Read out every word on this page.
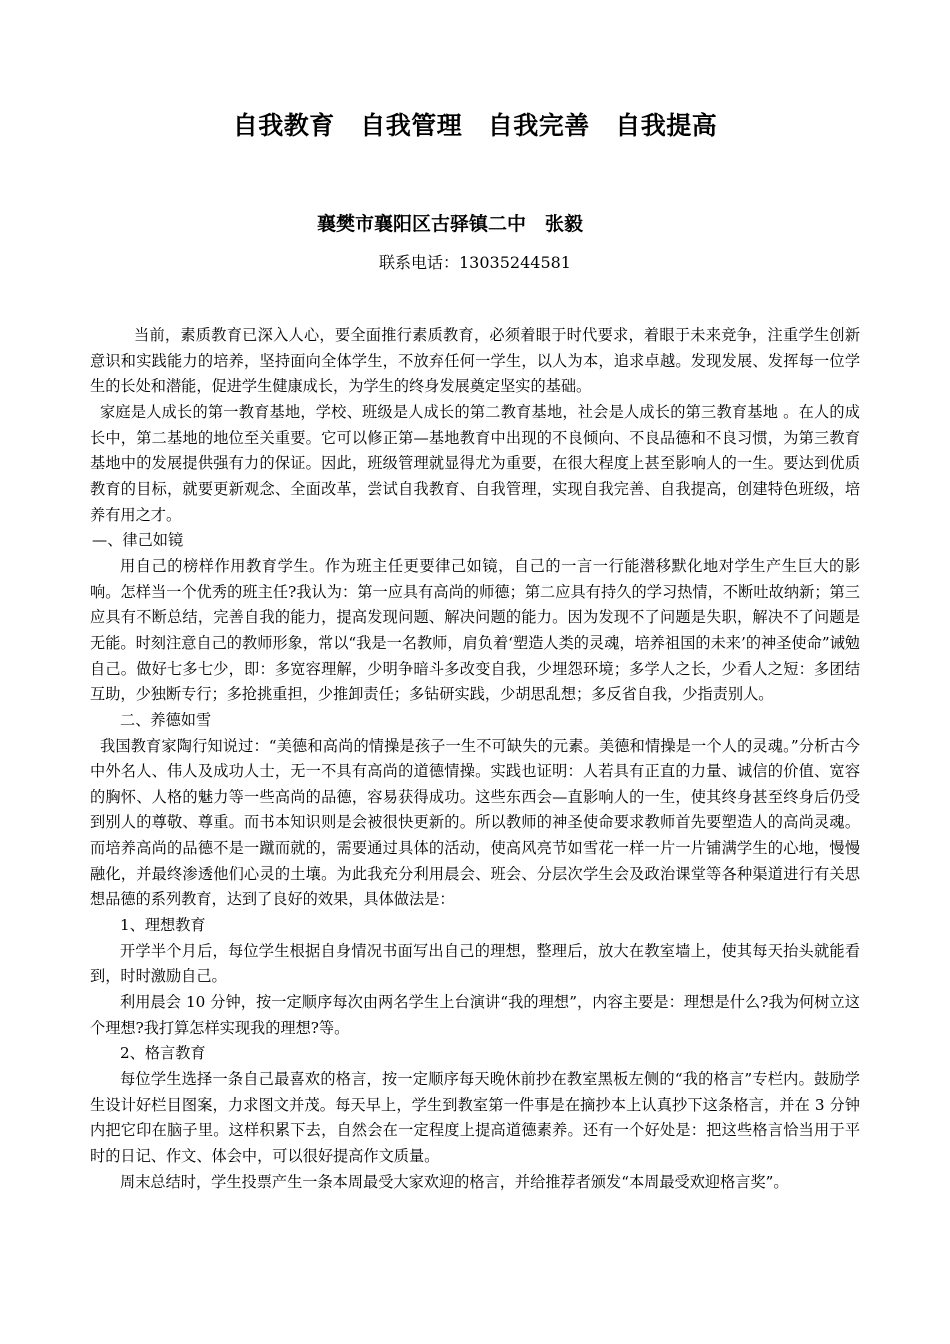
自我教育　自我管理　自我完善　自我提高
襄樊市襄阳区古驿镇二中　张毅
联系电话：13035244581

当前，素质教育已深入人心，要全面推行素质教育，必须着眼于时代要求，着眼于未来竞争，注重学生创新意识和实践能力的培养，坚持面向全体学生，不放弃任何一学生，以人为本，追求卓越。发现发展、发挥每一位学生的长处和潜能，促进学生健康成长，为学生的终身发展奠定坚实的基础。

家庭是人成长的第一教育基地，学校、班级是人成长的第二教育基地，社会是人成长的第三教育基地 。在人的成长中，第二基地的地位至关重要。它可以修正第—基地教育中出现的不良倾向、不良品德和不良习惯，为第三教育基地中的发展提供强有力的保证。因此，班级管理就显得尤为重要，在很大程度上甚至影响人的一生。要达到优质教育的目标，就要更新观念、全面改革，尝试自我教育、自我管理，实现自我完善、自我提高，创建特色班级，培养有用之才。

—、律己如镜

用自己的榜样作用教育学生。作为班主任更要律己如镜，自己的一言一行能潜移默化地对学生产生巨大的影响。怎样当一个优秀的班主任?我认为：第一应具有高尚的师德；第二应具有持久的学习热情，不断吐故纳新；第三应具有不断总结，完善自我的能力，提高发现问题、解决问题的能力。因为发现不了问题是失职，解决不了问题是无能。时刻注意自己的教师形象，常以“我是一名教师，肩负着‘塑造人类的灵魂，培养祖国的未来’的神圣使命”诫勉自己。做好七多七少，即：多宽容理解，少明争暗斗多改变自我，少埋怨环境；多学人之长，少看人之短：多团结互助，少独断专行；多抢挑重担，少推卸责任；多钻研实践，少胡思乱想；多反省自我，少指责别人。

二、养德如雪

我国教育家陶行知说过：“美德和高尚的情操是孩子一生不可缺失的元素。美德和情操是一个人的灵魂。”分析古今中外名人、伟人及成功人士，无一不具有高尚的道德情操。实践也证明：人若具有正直的力量、诚信的价值、宽容的胸怀、人格的魅力等一些高尚的品德，容易获得成功。这些东西会—直影响人的一生，使其终身甚至终身后仍受到别人的尊敬、尊重。而书本知识则是会被很快更新的。所以教师的神圣使命要求教师首先要塑造人的高尚灵魂。而培养高尚的品德不是一蹴而就的，需要通过具体的活动，使高风亮节如雪花一样一片一片铺满学生的心地，慢慢融化，并最终渗透他们心灵的土壤。为此我充分利用晨会、班会、分层次学生会及政治课堂等各种渠道进行有关思想品德的系列教育，达到了良好的效果，具体做法是：

1、理想教育

开学半个月后，每位学生根据自身情况书面写出自己的理想，整理后，放大在教室墙上，使其每天抬头就能看到，时时激励自己。

利用晨会 10 分钟，按一定顺序每次由两名学生上台演讲“我的理想”，内容主要是：理想是什么?我为何树立这个理想?我打算怎样实现我的理想?等。

2、格言教育

每位学生选择一条自己最喜欢的格言，按一定顺序每天晚休前抄在教室黑板左侧的“我的格言”专栏内。鼓励学生设计好栏目图案，力求图文并茂。每天早上，学生到教室第一件事是在摘抄本上认真抄下这条格言，并在 3 分钟内把它印在脑子里。这样积累下去，自然会在一定程度上提高道德素养。还有一个好处是：把这些格言恰当用于平时的日记、作文、体会中，可以很好提高作文质量。

周末总结时，学生投票产生一条本周最受大家欢迎的格言，并给推荐者颁发“本周最受欢迎格言奖”。
